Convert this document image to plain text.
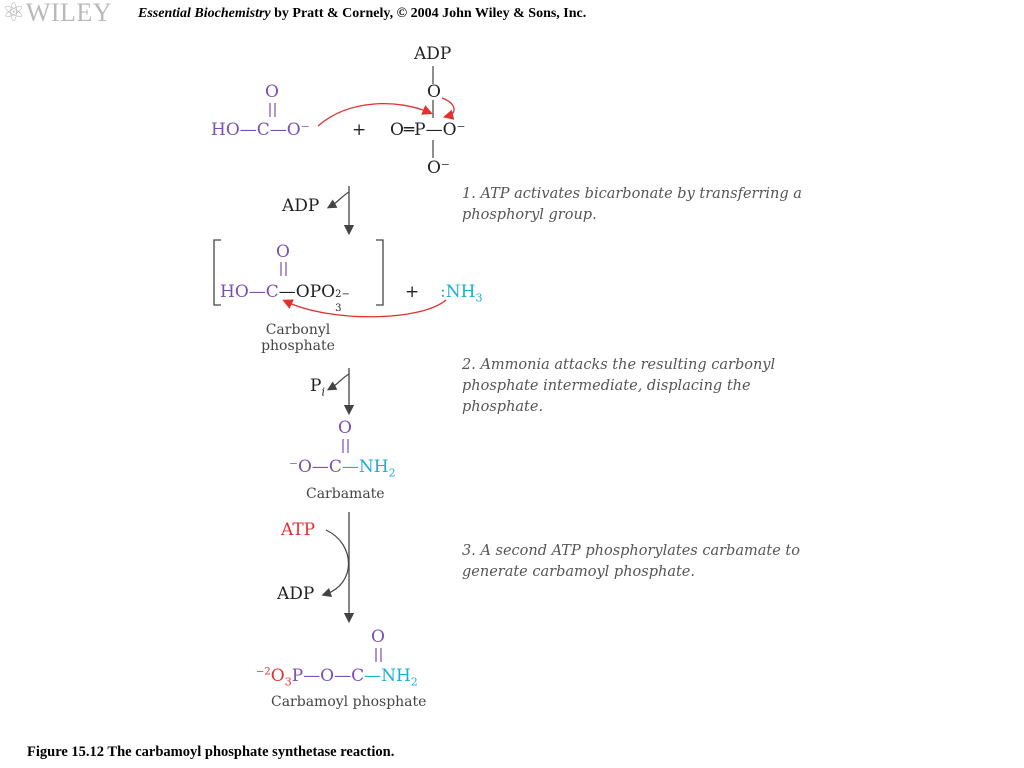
⚛WILEY Essential Biochemistry by Pratt & Cornely, © 2004 John Wiley & Sons, Inc.
O
HO—C—O⁻ +
ADP
O
O═P—O⁻
O⁻
ADP
1. ATP activates bicarbonate by transferring a phosphoryl group.
O
HO—C—OPO 2−
3
+ $:NH_3$
Carbonyl
phosphate
$P_i$
2. Ammonia attacks the resulting carbonyl phosphate intermediate, displacing the phosphate.
O
$^-O—C—NH_2$
Carbamate
ATP
ADP
3. A second ATP phosphorylates carbamate to generate carbamoyl phosphate.
O
$^{-2}O_3P—O—C—NH_2$
Carbamoyl phosphate
Figure 15.12 The carbamoyl phosphate synthetase reaction.
